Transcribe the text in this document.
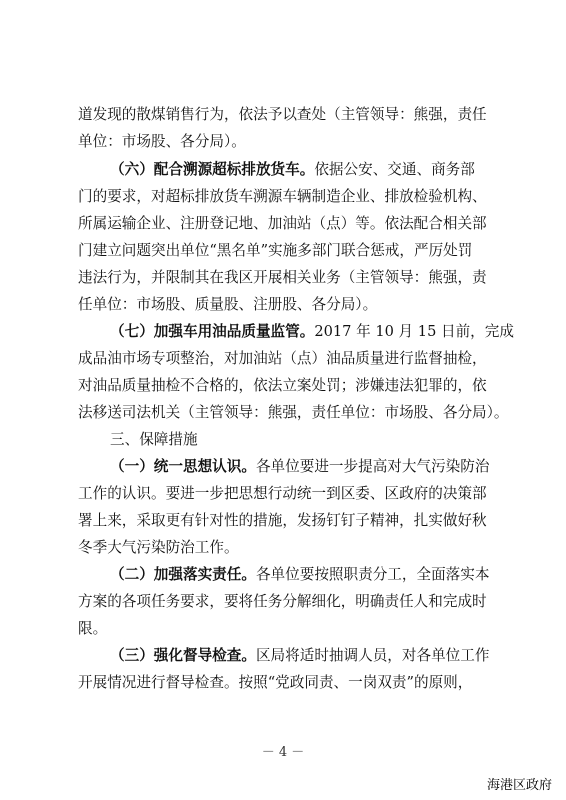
道发现的散煤销售行为，依法予以查处（主管领导：熊强，责任
单位：市场股、各分局）。
（六）配合溯源超标排放货车。依据公安、交通、商务部
门的要求，对超标排放货车溯源车辆制造企业、排放检验机构、
所属运输企业、注册登记地、加油站（点）等。依法配合相关部
门建立问题突出单位“黑名单”实施多部门联合惩戒，严厉处罚
违法行为，并限制其在我区开展相关业务（主管领导：熊强，责
任单位：市场股、质量股、注册股、各分局）。
（七）加强车用油品质量监管。2017 年 10 月 15 日前，完成
成品油市场专项整治，对加油站（点）油品质量进行监督抽检，
对油品质量抽检不合格的，依法立案处罚；涉嫌违法犯罪的，依
法移送司法机关（主管领导：熊强，责任单位：市场股、各分局）。
三、保障措施
（一）统一思想认识。各单位要进一步提高对大气污染防治
工作的认识。要进一步把思想行动统一到区委、区政府的决策部
署上来，采取更有针对性的措施，发扬钉钉子精神，扎实做好秋
冬季大气污染防治工作。
（二）加强落实责任。各单位要按照职责分工，全面落实本
方案的各项任务要求，要将任务分解细化，明确责任人和完成时
限。
（三）强化督导检查。区局将适时抽调人员，对各单位工作
开展情况进行督导检查。按照“党政同责、一岗双责”的原则，
－ 4 －
海港区政府
